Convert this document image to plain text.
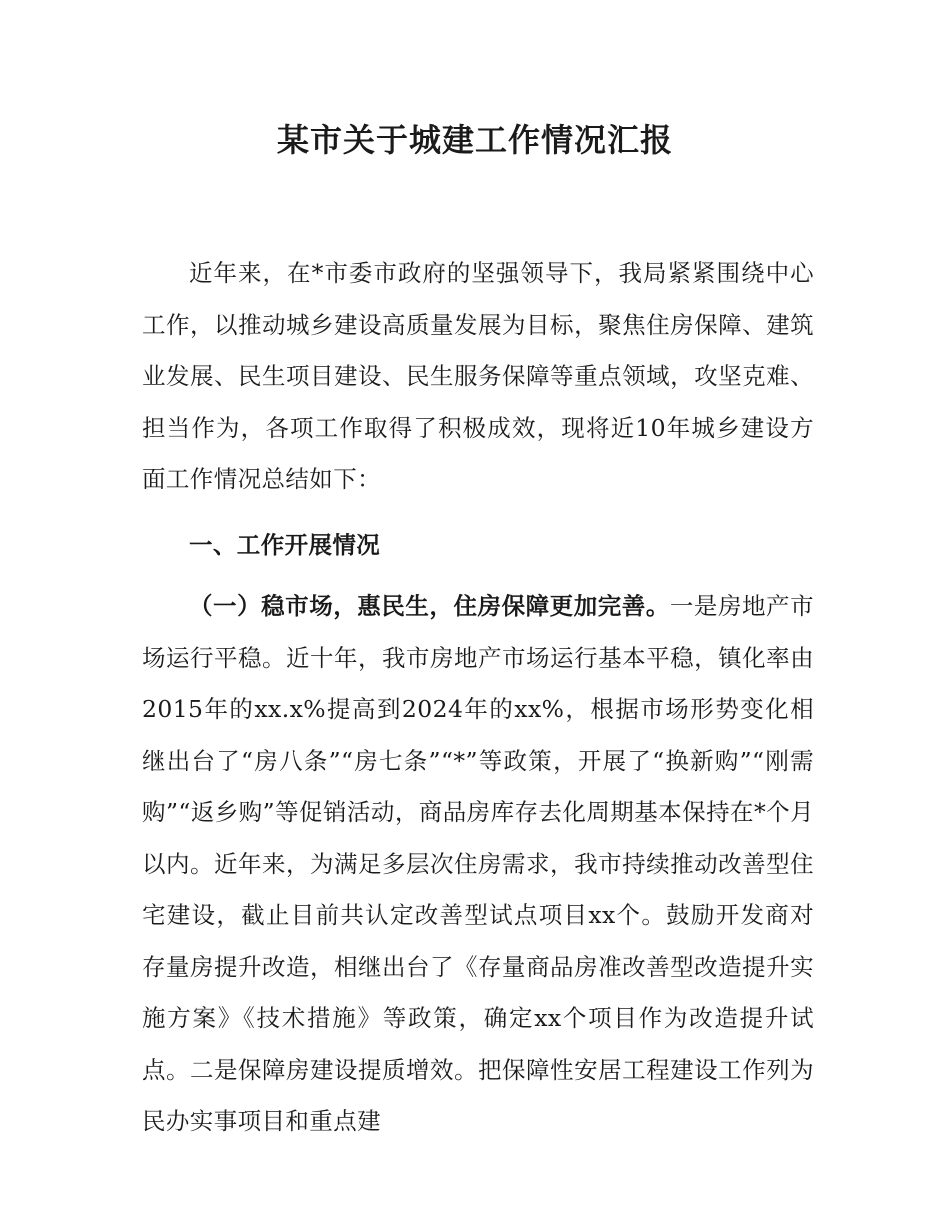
某市关于城建工作情况汇报

近年来，在*市委市政府的坚强领导下，我局紧紧围绕中心工作，以推动城乡建设高质量发展为目标，聚焦住房保障、建筑业发展、民生项目建设、民生服务保障等重点领域，攻坚克难、担当作为，各项工作取得了积极成效，现将近10年城乡建设方面工作情况总结如下：

一、工作开展情况

（一）稳市场，惠民生，住房保障更加完善。一是房地产市场运行平稳。近十年，我市房地产市场运行基本平稳，镇化率由2015年的xx.x%提高到2024年的xx%，根据市场形势变化相继出台了“房八条”“房七条”“*”等政策，开展了“换新购”“刚需购”“返乡购”等促销活动，商品房库存去化周期基本保持在*个月以内。近年来，为满足多层次住房需求，我市持续推动改善型住宅建设，截止目前共认定改善型试点项目xx个。鼓励开发商对存量房提升改造，相继出台了《存量商品房准改善型改造提升实施方案》《技术措施》等政策，确定xx个项目作为改造提升试点。二是保障房建设提质增效。把保障性安居工程建设工作列为民办实事项目和重点建
